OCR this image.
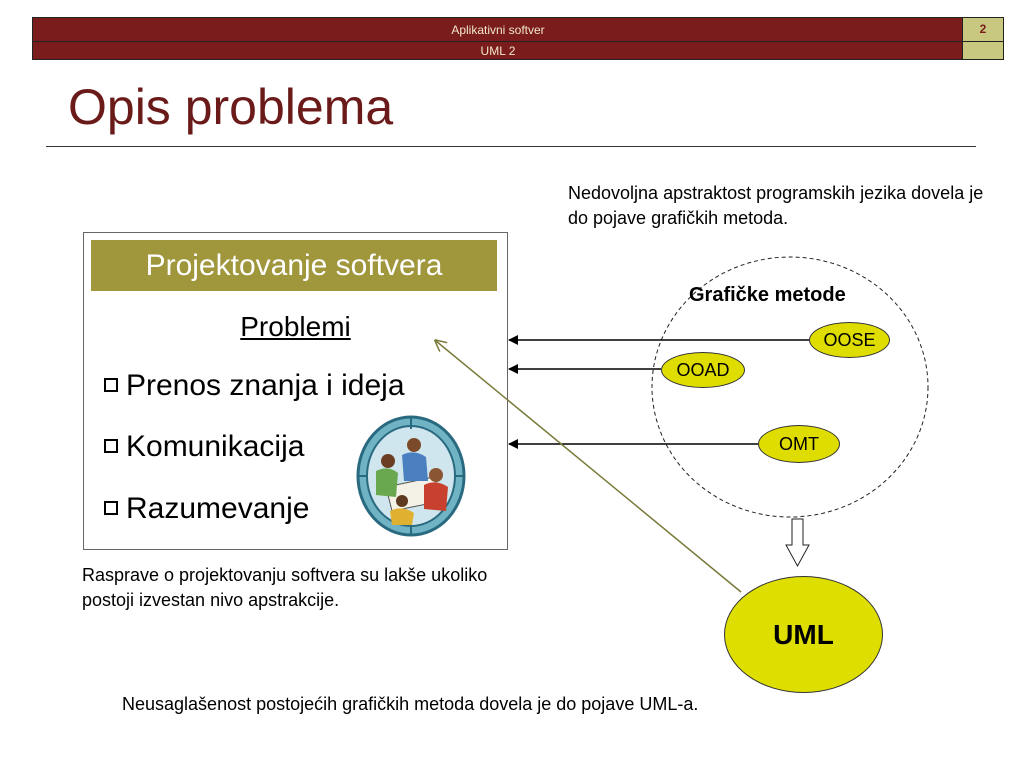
Aplikativni softver	2
UML 2
Opis problema
Nedovoljna apstraktost programskih jezika dovela je do pojave grafičkih metoda.
Projektovanje softvera
Problemi
Prenos znanja i ideja
Komunikacija
Razumevanje
Rasprave o projektovanju softvera su lakše ukoliko postoji izvestan nivo apstrakcije.
Grafičke metode
OOSE
OOAD
OMT
UML
Neusaglašenost postojećih grafičkih metoda dovela je do pojave UML-a.
